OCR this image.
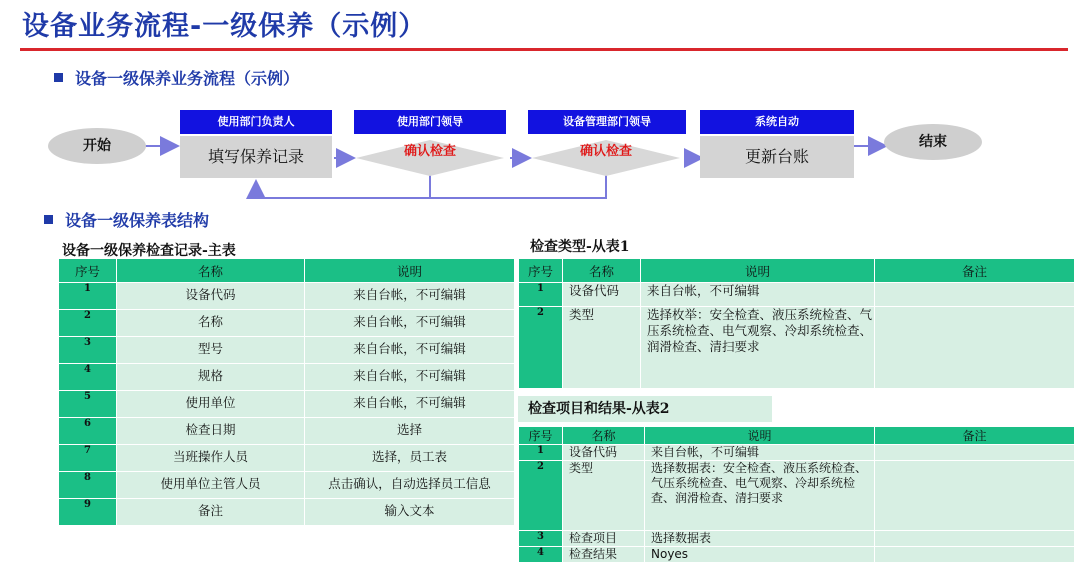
设备业务流程-一级保养（示例）
设备一级保养业务流程（示例）
开始	结束
使用部门负责人	使用部门领导	设备管理部门领导	系统自动
填写保养记录	确认检查	确认检查	更新台账
设备一级保养表结构
设备一级保养检查记录-主表
序号	名称	说明
1	设备代码	来自台帐，不可编辑
2	名称	来自台帐，不可编辑
3	型号	来自台帐，不可编辑
4	规格	来自台帐，不可编辑
5	使用单位	来自台帐，不可编辑
6	检查日期	选择
7	当班操作人员	选择，员工表
8	使用单位主管人员	点击确认，自动选择员工信息
9	备注	输入文本
检查类型-从表1
序号	名称	说明	备注
1	设备代码	来自台帐，不可编辑	
2	类型	选择枚举：安全检查、液压系统检查、气压系统检查、电气观察、冷却系统检查、润滑检查、清扫要求	
检查项目和结果-从表2
序号	名称	说明	备注
1	设备代码	来自台帐，不可编辑	
2	类型	选择数据表：安全检查、液压系统检查、气压系统检查、电气观察、冷却系统检查、润滑检查、清扫要求	
3	检查项目	选择数据表	
4	检查结果	Noyes	
